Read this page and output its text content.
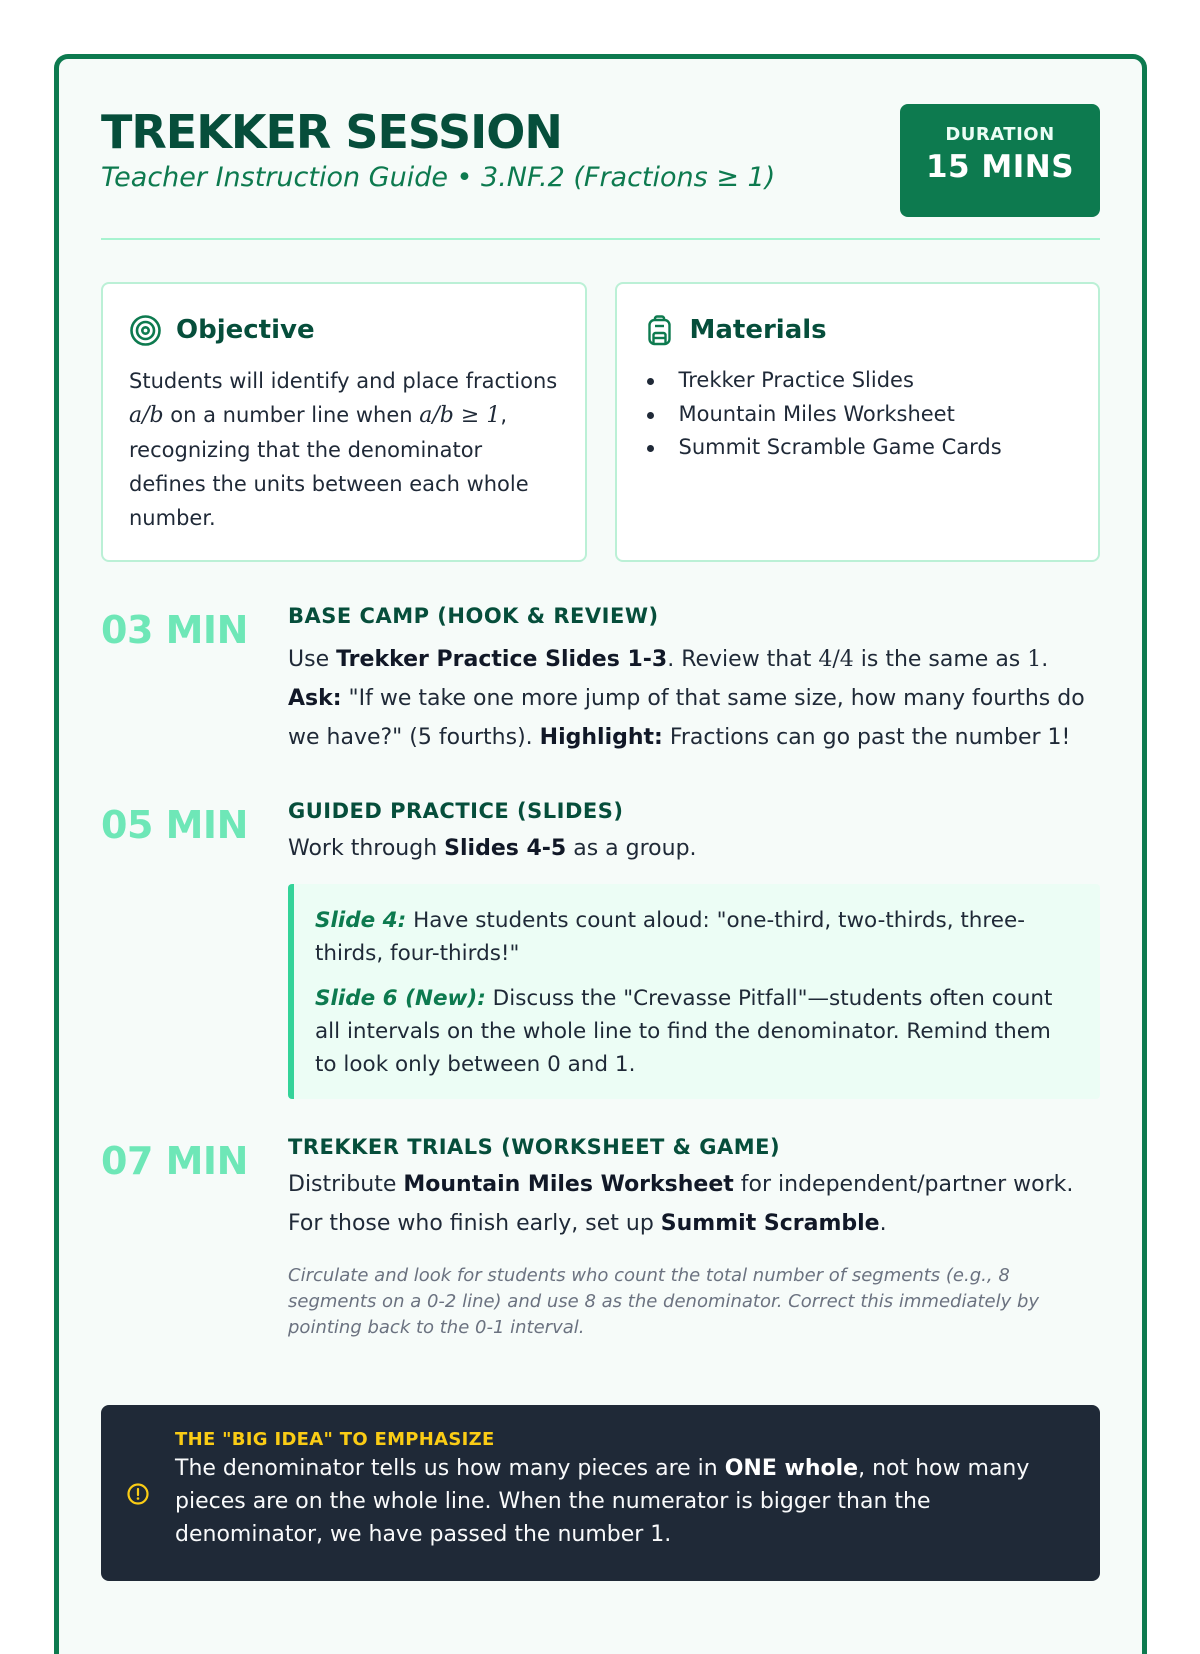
TREKKER SESSION
Teacher Instruction Guide • 3.NF.2 (Fractions ≥ 1)
DURATION
15 MINS
Objective

Students will identify and place fractions a/b on a number line when a/b ≥ 1, recognizing that the denominator defines the units between each whole number.

Materials
Trekker Practice Slides
Mountain Miles Worksheet
Summit Scramble Game Cards
03 MIN	BASE CAMP (HOOK & REVIEW)

Use Trekker Practice Slides 1-3. Review that 4/4 is the same as 1. Ask: "If we take one more jump of that same size, how many fourths do we have?" (5 fourths). Highlight: Fractions can go past the number 1!

05 MIN	GUIDED PRACTICE (SLIDES)

Work through Slides 4-5 as a group.

Slide 4: Have students count aloud: "one-third, two-thirds, three-thirds, four-thirds!"

Slide 6 (New): Discuss the "Crevasse Pitfall"—students often count all intervals on the whole line to find the denominator. Remind them to look only between 0 and 1.

07 MIN	TREKKER TRIALS (WORKSHEET & GAME)

Distribute Mountain Miles Worksheet for independent/partner work. For those who finish early, set up Summit Scramble.

Circulate and look for students who count the total number of segments (e.g., 8 segments on a 0-2 line) and use 8 as the denominator. Correct this immediately by pointing back to the 0-1 interval.

THE "BIG IDEA" TO EMPHASIZE

The denominator tells us how many pieces are in ONE whole, not how many pieces are on the whole line. When the numerator is bigger than the denominator, we have passed the number 1.
